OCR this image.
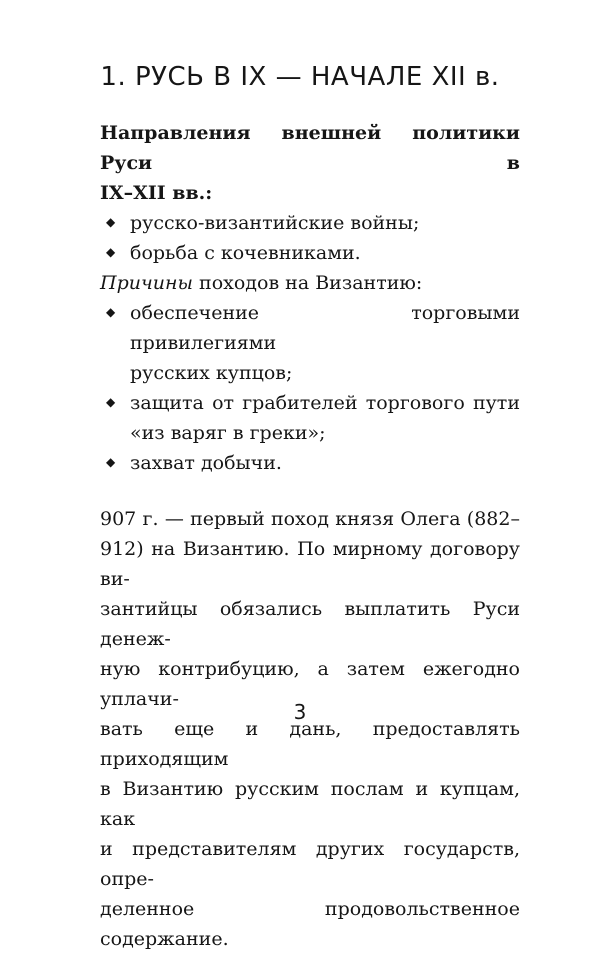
1. РУСЬ В IX — НАЧАЛЕ XII в.

Направления внешней политики Руси в
IX–XII вв.:

◆ русско-византийские войны;
◆ борьба с кочевниками.

Причины походов на Византию:

◆ обеспечение торговыми привилегиями
русских купцов;
◆ защита от грабителей торгового пути
«из варяг в греки»;
◆ захват добычи.

907 г. — первый поход князя Олега (882–
912) на Византию. По мирному договору ви-
зантийцы обязались выплатить Руси денеж-
ную контрибуцию, а затем ежегодно уплачи-
вать еще и дань, предоставлять приходящим
в Византию русским послам и купцам, как
и представителям других государств, опре-
деленное продовольственное содержание.

3
